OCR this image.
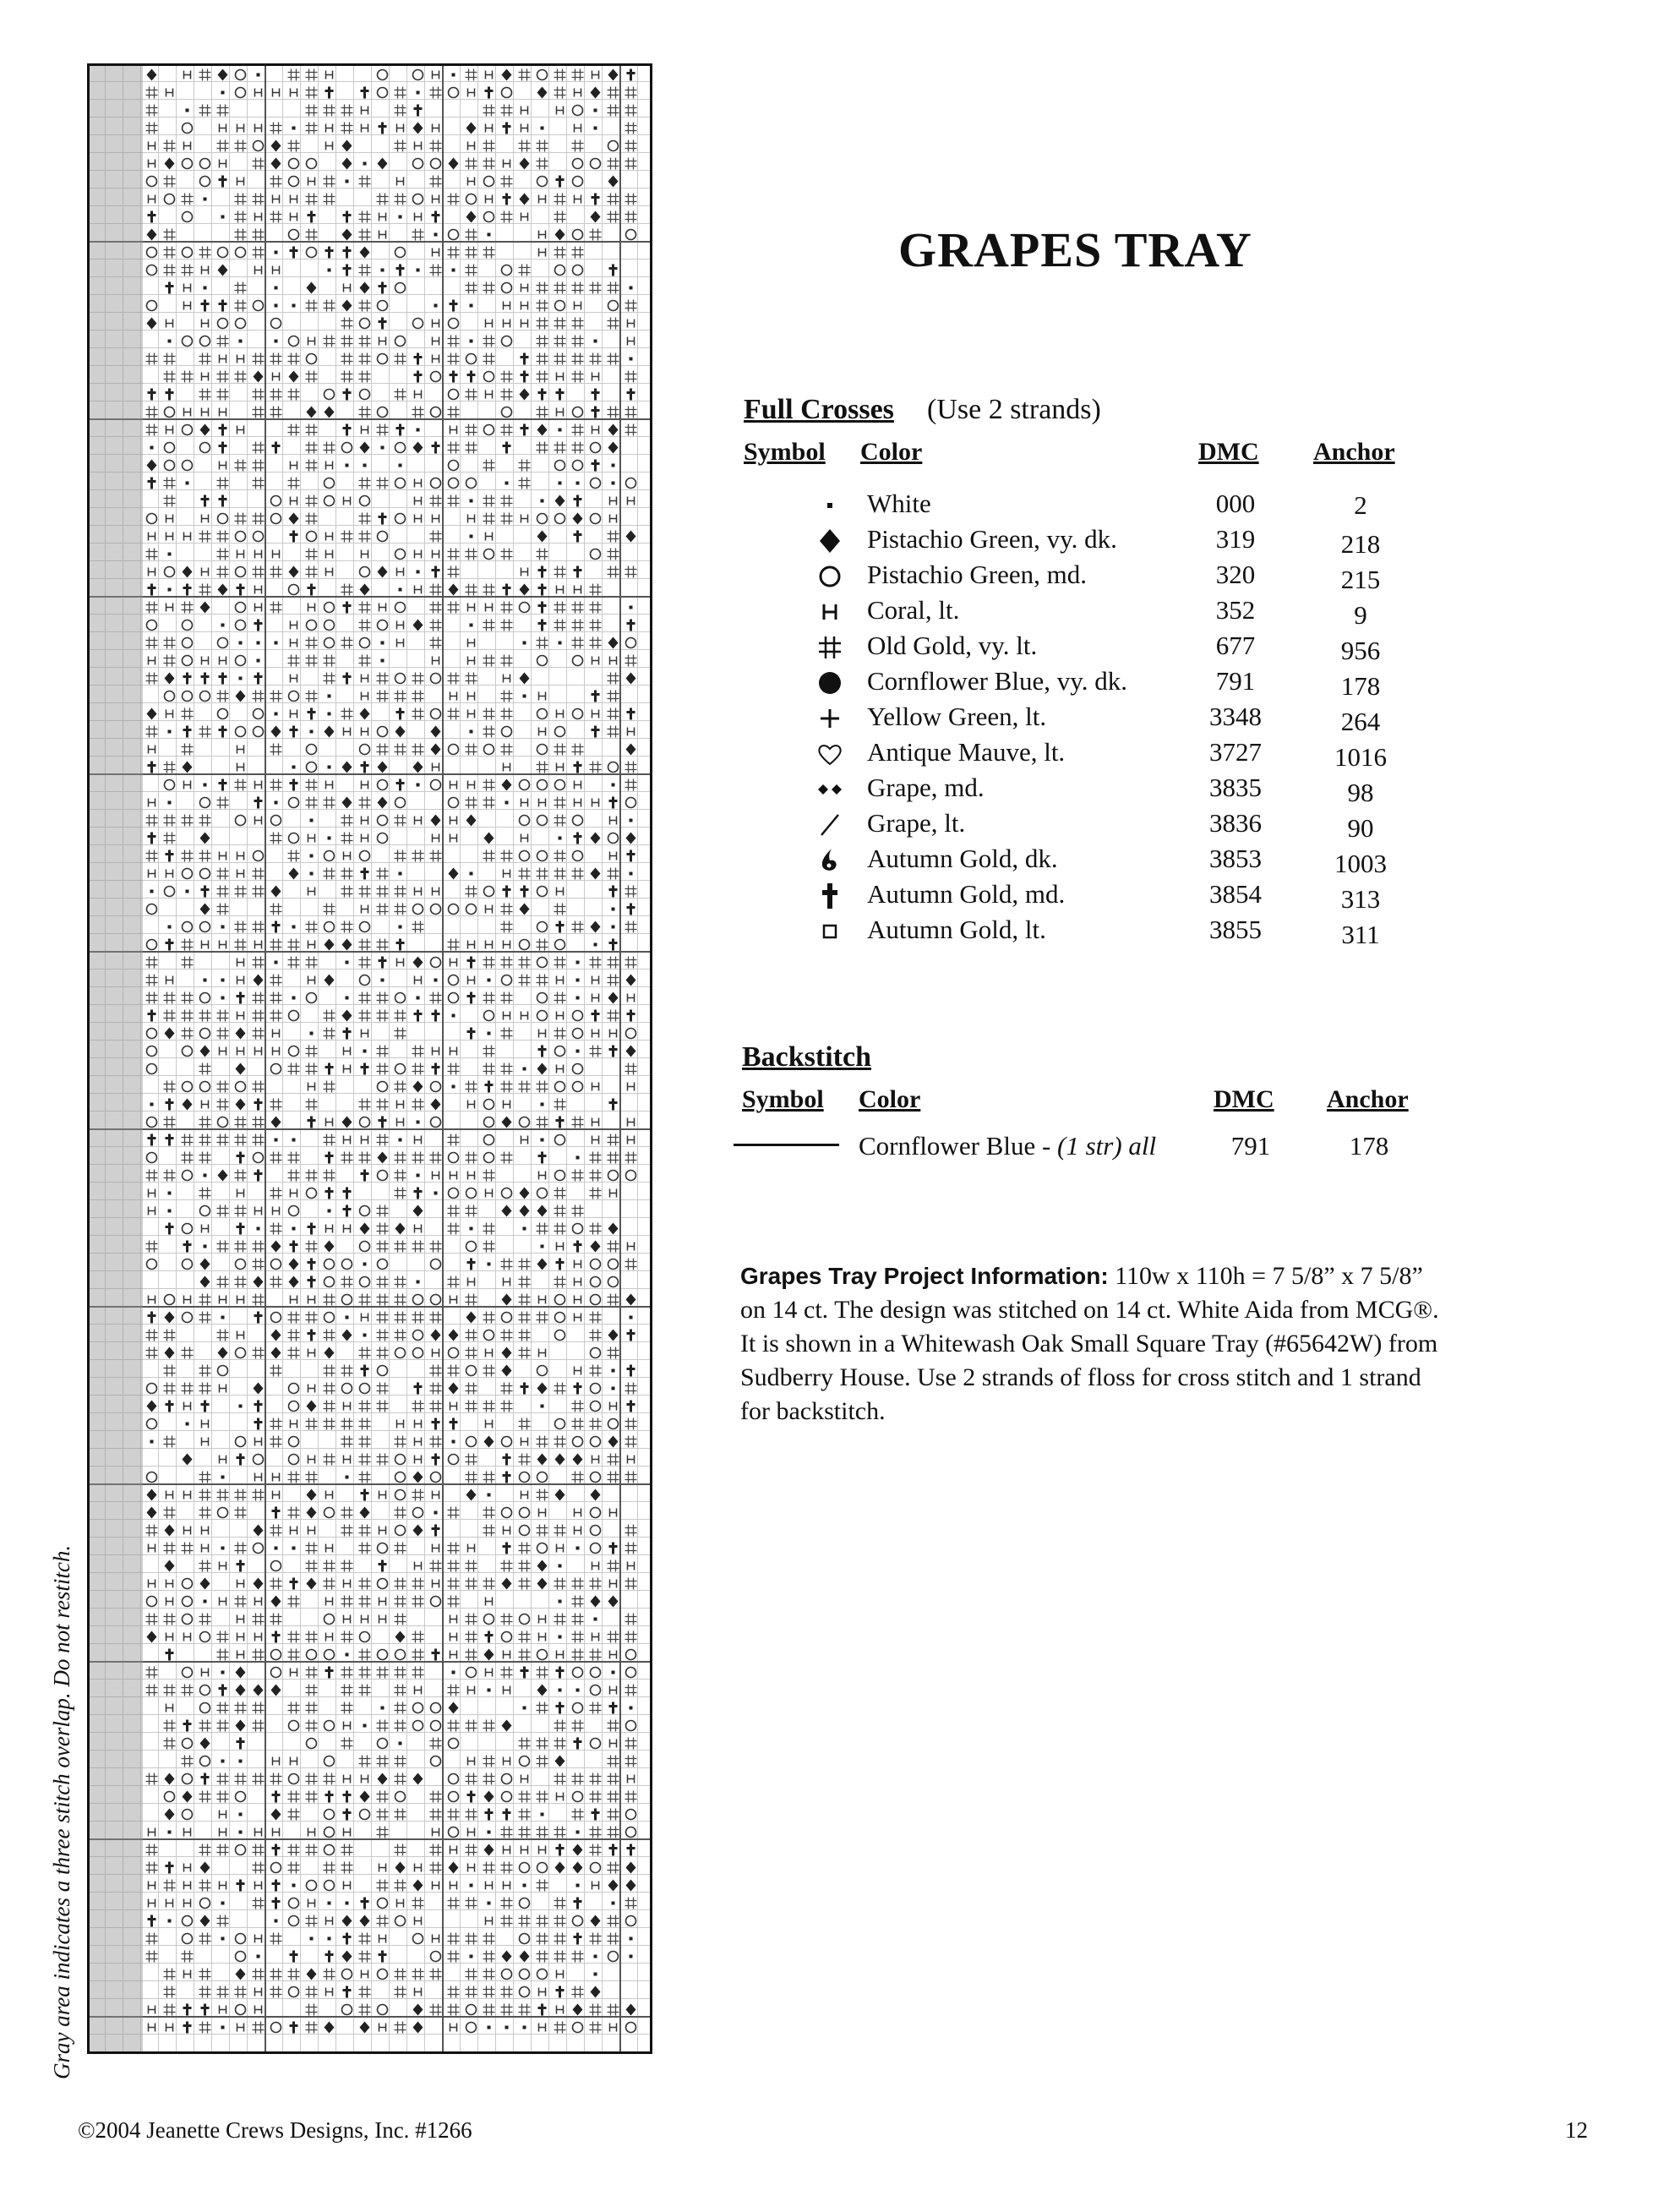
Gray area indicates a three stitch overlap. Do not restitch.
GRAPES TRAY
Full Crosses (Use 2 strands)
Symbol Color	DMC Anchor
White	000	2
Pistachio Green, vy. dk.	319	218
Pistachio Green, md.	320	215
Coral, lt.	352	9
Old Gold, vy. lt.	677	956
Cornflower Blue, vy. dk.	791	178
Yellow Green, lt.	3348	264
Antique Mauve, lt.	3727	1016
Grape, md.	3835	98
Grape, lt.	3836	90
Autumn Gold, dk.	3853	1003
Autumn Gold, md.	3854	313
Autumn Gold, lt.	3855	311
Backstitch
Symbol Color	DMC Anchor
Cornflower Blue - (1 str) all	791	178
Grapes Tray Project Information: 110w x 110h = 7 5/8” x 7 5/8” on 14 ct. The design was stitched on 14 ct. White Aida from MCG®. It is shown in a Whitewash Oak Small Square Tray (#65642W) from Sudberry House. Use 2 strands of floss for cross stitch and 1 strand for backstitch.
©2004 Jeanette Crews Designs, Inc. #1266	12
